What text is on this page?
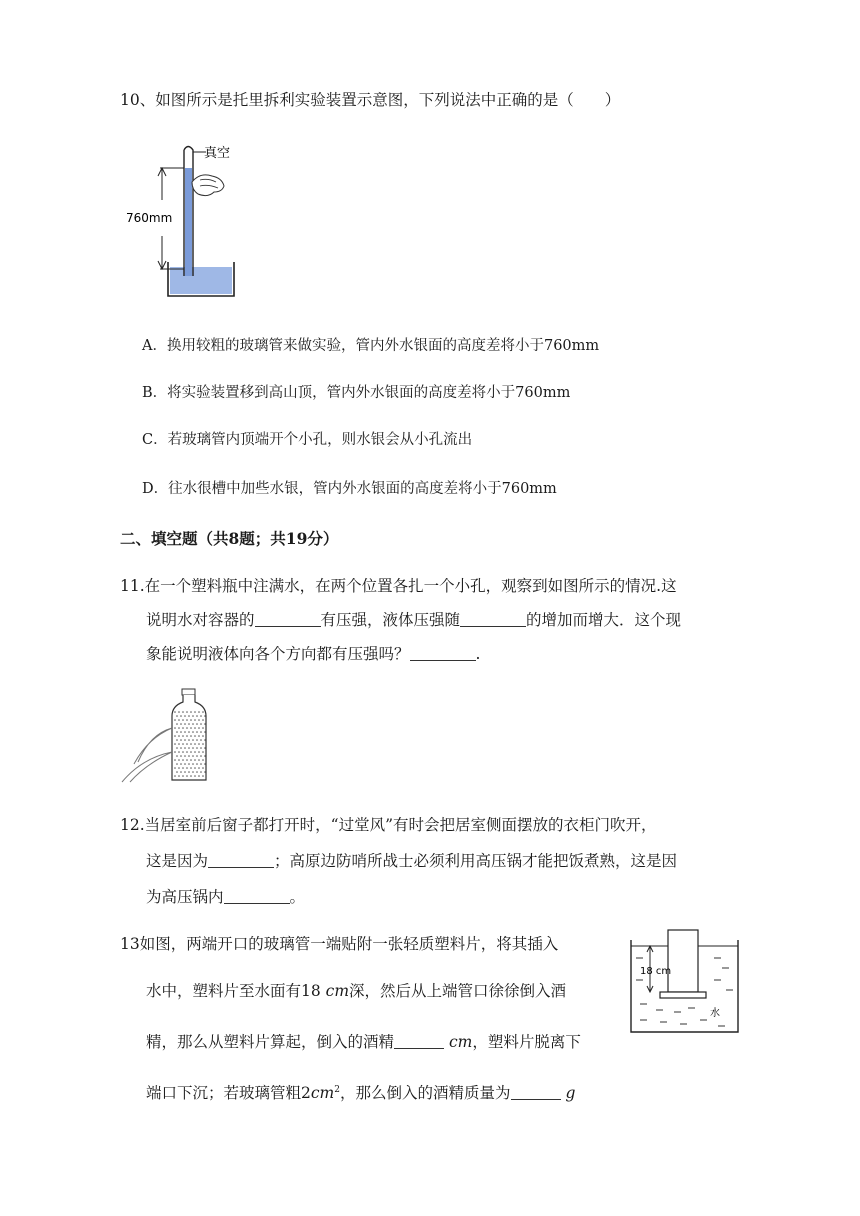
10、如图所示是托里拆利实验装置示意图，下列说法中正确的是（　　）
真空
760mm
A．换用较粗的玻璃管来做实验，管内外水银面的高度差将小于760mm
B．将实验装置移到高山顶，管内外水银面的高度差将小于760mm
C．若玻璃管内顶端开个小孔，则水银会从小孔流出
D．往水很槽中加些水银，管内外水银面的高度差将小于760mm
二、填空题（共8题；共19分）
11.在一个塑料瓶中注满水，在两个位置各扎一个小孔，观察到如图所示的情况.这
说明水对容器的	有压强，液体压强随	的增加而增大．这个现
象能说明液体向各个方向都有压强吗？	.
12.当居室前后窗子都打开时，“过堂风”有时会把居室侧面摆放的衣柜门吹开，
这是因为	；高原边防哨所战士必须利用高压锅才能把饭煮熟，这是因
为高压锅内	。
13如图，两端开口的玻璃管一端贴附一张轻质塑料片，将其插入
水中，塑料片至水面有18 cm深，然后从上端管口徐徐倒入酒
精，那么从塑料片算起，倒入的酒精	cm，塑料片脱离下
端口下沉；若玻璃管粗$2cm^2$，那么倒入的酒精质量为	g
18 cm
水
